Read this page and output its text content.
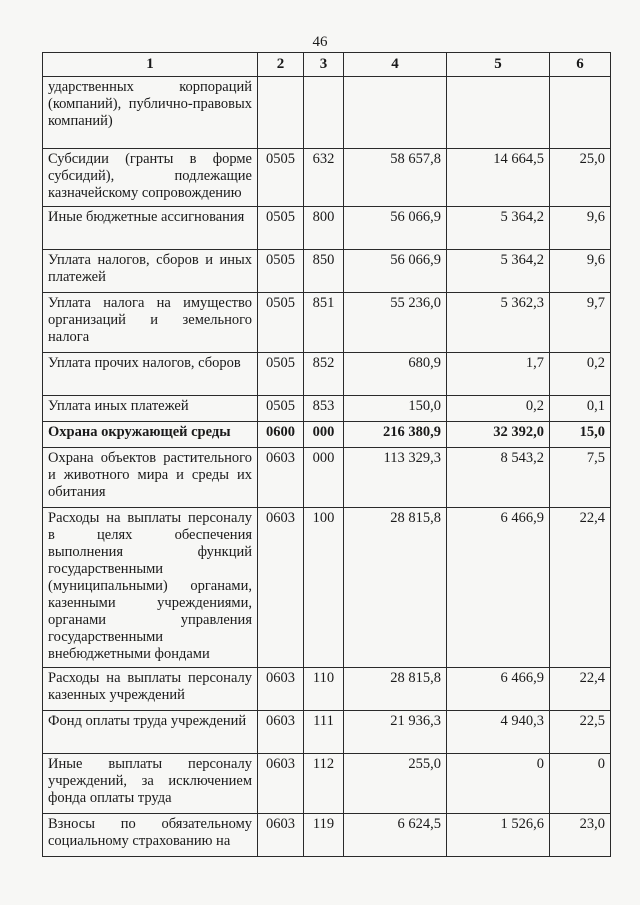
46
1	2	3	4	5	6
ударственных корпораций (компаний), публично-правовых компаний)					
Субсидии (гранты в форме субсидий), подлежащие казначейскому сопровождению	0505	632	58 657,8	14 664,5	25,0
Иные бюджетные ассигнования	0505	800	56 066,9	5 364,2	9,6
Уплата налогов, сборов и иных платежей	0505	850	56 066,9	5 364,2	9,6
Уплата налога на имущество организаций и земельного налога	0505	851	55 236,0	5 362,3	9,7
Уплата прочих налогов, сборов	0505	852	680,9	1,7	0,2
Уплата иных платежей	0505	853	150,0	0,2	0,1
Охрана окружающей среды	0600	000	216 380,9	32 392,0	15,0
Охрана объектов растительного и животного мира и среды их обитания	0603	000	113 329,3	8 543,2	7,5
Расходы на выплаты персоналу в целях обеспечения выполнения функций государственными (муниципальными) органами, казенными учреждениями, органами управления государственными внебюджетными фондами	0603	100	28 815,8	6 466,9	22,4
Расходы на выплаты персоналу казенных учреждений	0603	110	28 815,8	6 466,9	22,4
Фонд оплаты труда учреждений	0603	111	21 936,3	4 940,3	22,5
Иные выплаты персоналу учреждений, за исключением фонда оплаты труда	0603	112	255,0	0	0
Взносы по обязательному социальному страхованию на	0603	119	6 624,5	1 526,6	23,0
